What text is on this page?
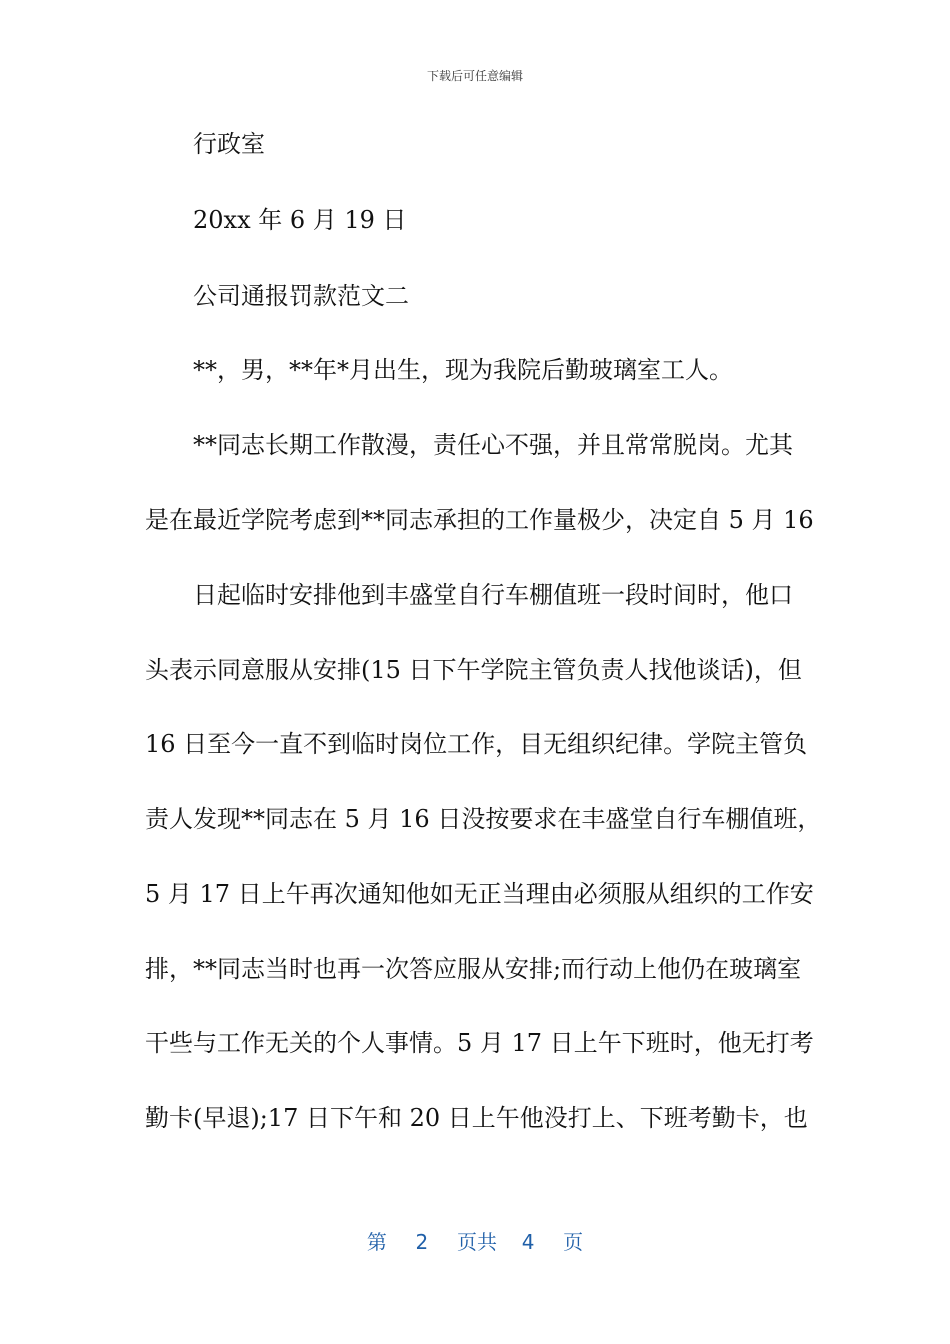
下载后可任意编辑
　　行政室
　　20xx 年 6 月 19 日
　　公司通报罚款范文二
　　**，男，**年*月出生，现为我院后勤玻璃室工人。
　　**同志长期工作散漫，责任心不强，并且常常脱岗。尤其
是在最近学院考虑到**同志承担的工作量极少，决定自 5 月 16
　　日起临时安排他到丰盛堂自行车棚值班一段时间时，他口
头表示同意服从安排(15 日下午学院主管负责人找他谈话)，但
16 日至今一直不到临时岗位工作，目无组织纪律。学院主管负
责人发现**同志在 5 月 16 日没按要求在丰盛堂自行车棚值班，
5 月 17 日上午再次通知他如无正当理由必须服从组织的工作安
排，**同志当时也再一次答应服从安排;而行动上他仍在玻璃室
干些与工作无关的个人事情。5 月 17 日上午下班时，他无打考
勤卡(早退);17 日下午和 20 日上午他没打上、下班考勤卡，也
第 2 页共 4 页
